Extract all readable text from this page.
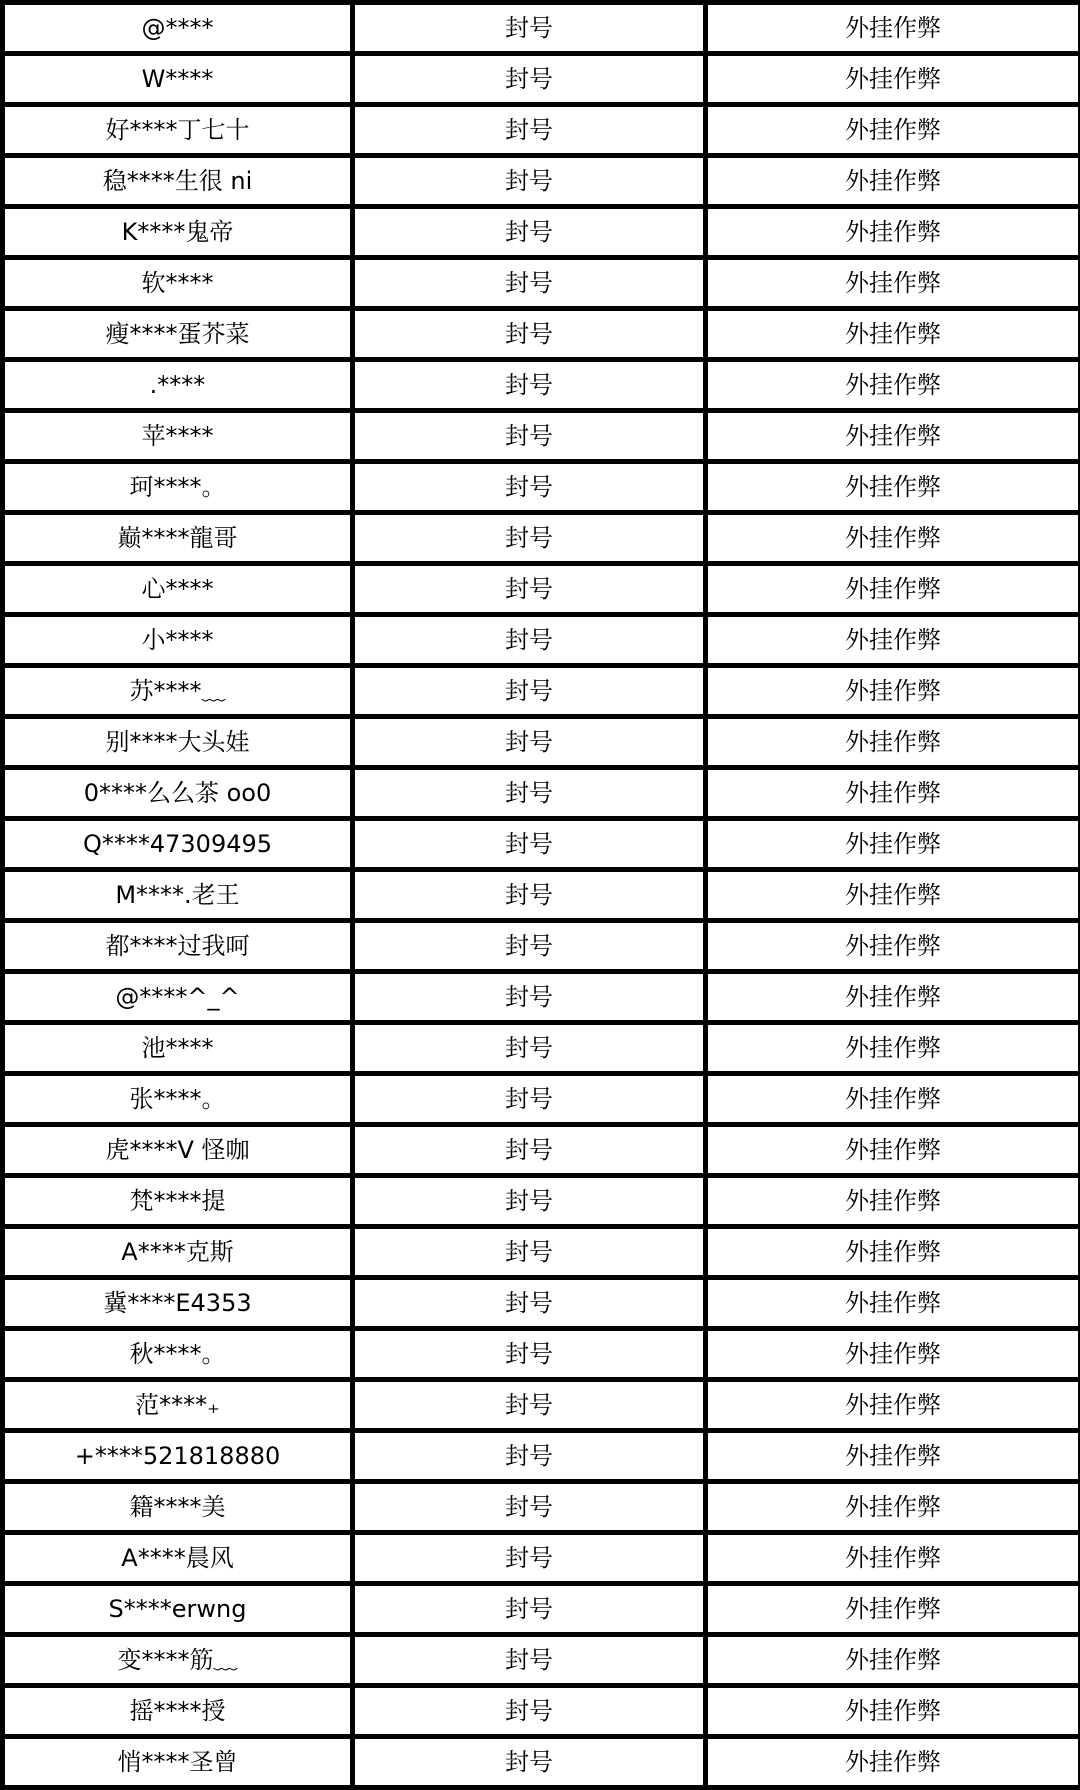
@****	封号	外挂作弊
W****	封号	外挂作弊
好****丁七十	封号	外挂作弊
稳****生很 ni	封号	外挂作弊
K****鬼帝	封号	外挂作弊
软****	封号	外挂作弊
瘦****蛋芥菜	封号	外挂作弊
.****	封号	外挂作弊
苹****	封号	外挂作弊
珂****。	封号	外挂作弊
巅****龍哥	封号	外挂作弊
心****	封号	外挂作弊
小****	封号	外挂作弊
苏****﹏	封号	外挂作弊
别****大头娃	封号	外挂作弊
0****么么茶 oo0	封号	外挂作弊
Q****47309495	封号	外挂作弊
M****.老王	封号	外挂作弊
都****过我呵	封号	外挂作弊
@****^_^	封号	外挂作弊
池****	封号	外挂作弊
张****。	封号	外挂作弊
虎****V 怪咖	封号	外挂作弊
梵****提	封号	外挂作弊
A****克斯	封号	外挂作弊
冀****E4353	封号	外挂作弊
秋****。	封号	外挂作弊
范****₊	封号	外挂作弊
+****521818880	封号	外挂作弊
籍****美	封号	外挂作弊
A****晨风	封号	外挂作弊
S****erwng	封号	外挂作弊
变****筋﹏	封号	外挂作弊
摇****授	封号	外挂作弊
悄****圣曾	封号	外挂作弊
